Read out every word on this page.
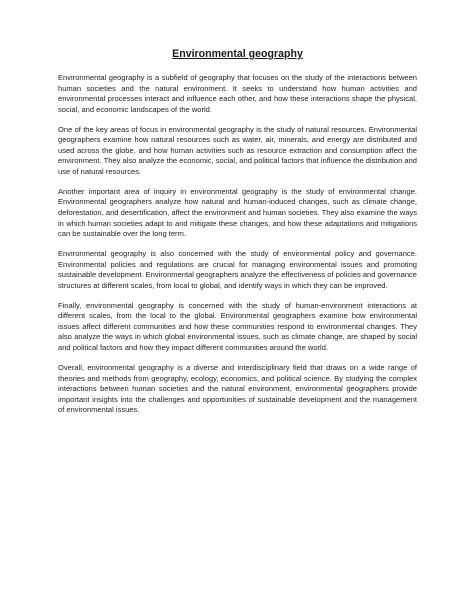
Environmental geography

Environmental geography is a subfield of geography that focuses on the study of the interactions between human societies and the natural environment. It seeks to understand how human activities and environmental processes interact and influence each other, and how these interactions shape the physical, social, and economic landscapes of the world.

One of the key areas of focus in environmental geography is the study of natural resources. Environmental geographers examine how natural resources such as water, air, minerals, and energy are distributed and used across the globe, and how human activities such as resource extraction and consumption affect the environment. They also analyze the economic, social, and political factors that influence the distribution and use of natural resources.

Another important area of inquiry in environmental geography is the study of environmental change. Environmental geographers analyze how natural and human-induced changes, such as climate change, deforestation, and desertification, affect the environment and human societies. They also examine the ways in which human societies adapt to and mitigate these changes, and how these adaptations and mitigations can be sustainable over the long term.

Environmental geography is also concerned with the study of environmental policy and governance. Environmental policies and regulations are crucial for managing environmental issues and promoting sustainable development. Environmental geographers analyze the effectiveness of policies and governance structures at different scales, from local to global, and identify ways in which they can be improved.

Finally, environmental geography is concerned with the study of human-environment interactions at different scales, from the local to the global. Environmental geographers examine how environmental issues affect different communities and how these communities respond to environmental changes. They also analyze the ways in which global environmental issues, such as climate change, are shaped by social and political factors and how they impact different communities around the world.

Overall, environmental geography is a diverse and interdisciplinary field that draws on a wide range of theories and methods from geography, ecology, economics, and political science. By studying the complex interactions between human societies and the natural environment, environmental geographers provide important insights into the challenges and opportunities of sustainable development and the management of environmental issues.
